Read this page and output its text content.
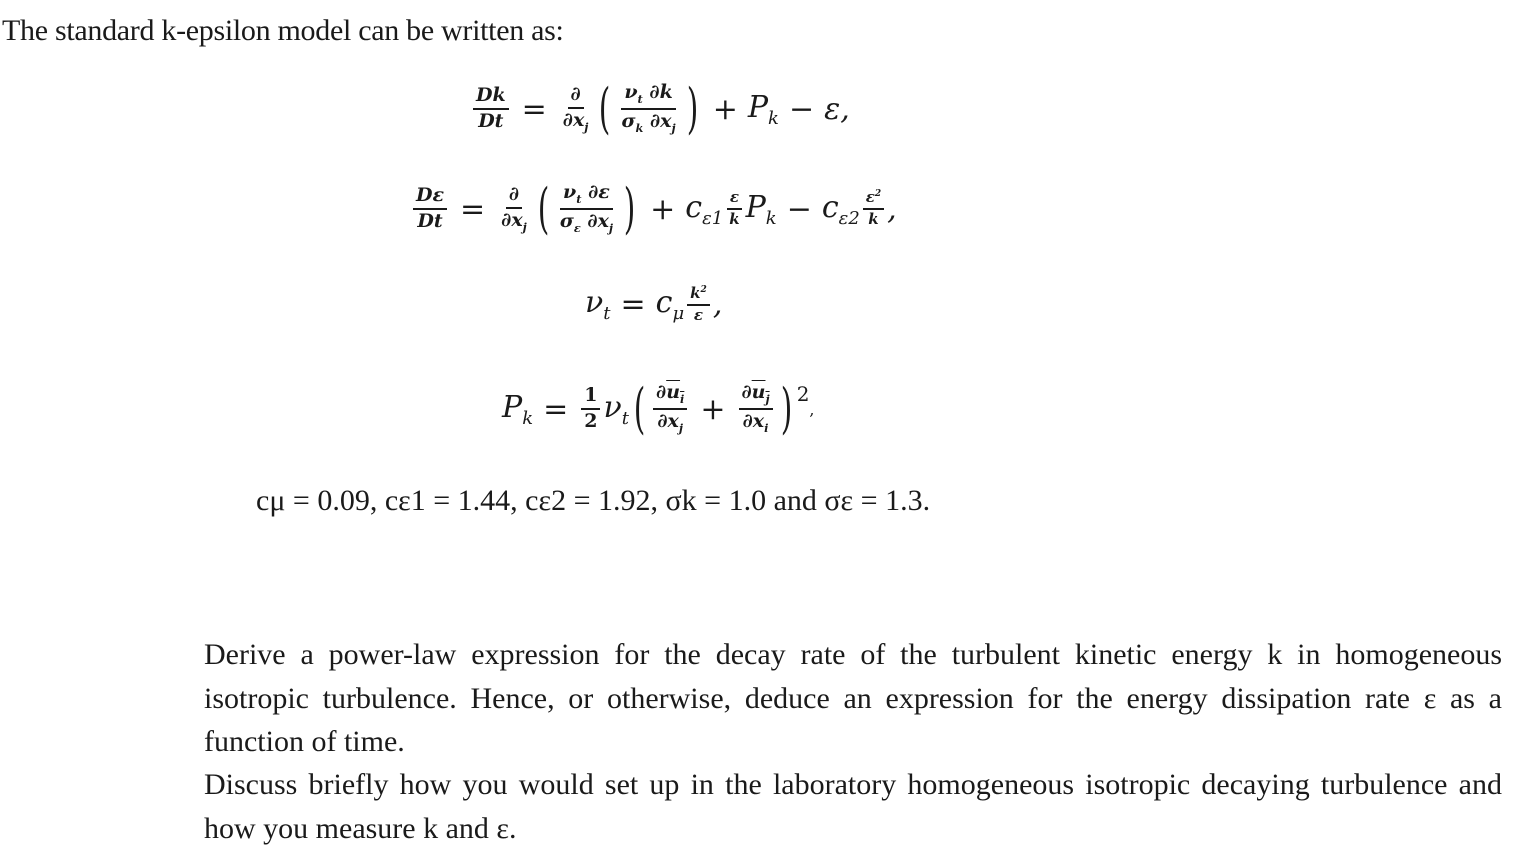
The standard k-epsilon model can be written as:
$\frac{Dk}{Dt} = \frac{\partial}{\partial x_j}$ ( $\frac{\nu_t \partial k}{\sigma_k \partial x_j}$ ) + $P_k - \varepsilon$,
$\frac{D\varepsilon}{Dt} = \frac{\partial}{\partial x_j}$ ( $\frac{\nu_t \partial\varepsilon}{\sigma_\varepsilon \partial x_j}$ ) + $c_{\varepsilon 1} \frac{\varepsilon}{k} P_k - c_{\varepsilon 2} \frac{\varepsilon^2}{k}$ ,
$\nu_t = c_\mu \frac{k^2}{\varepsilon}$ ,
$P_k = \frac{1}{2} \nu_t$ ( $\frac{\partial u_i}{\partial x_j} + \frac{\partial u_j}{\partial x_i}$ ) 2
,
cμ = 0.09, cε1 = 1.44, cε2 = 1.92, σk = 1.0 and σε = 1.3.
Derive a power-law expression for the decay rate of the turbulent kinetic energy k in homogeneous isotropic turbulence. Hence, or otherwise, deduce an expression for the energy dissipation rate ε as a function of time.
Discuss briefly how you would set up in the laboratory homogeneous isotropic decaying turbulence and how you measure k and ε.
